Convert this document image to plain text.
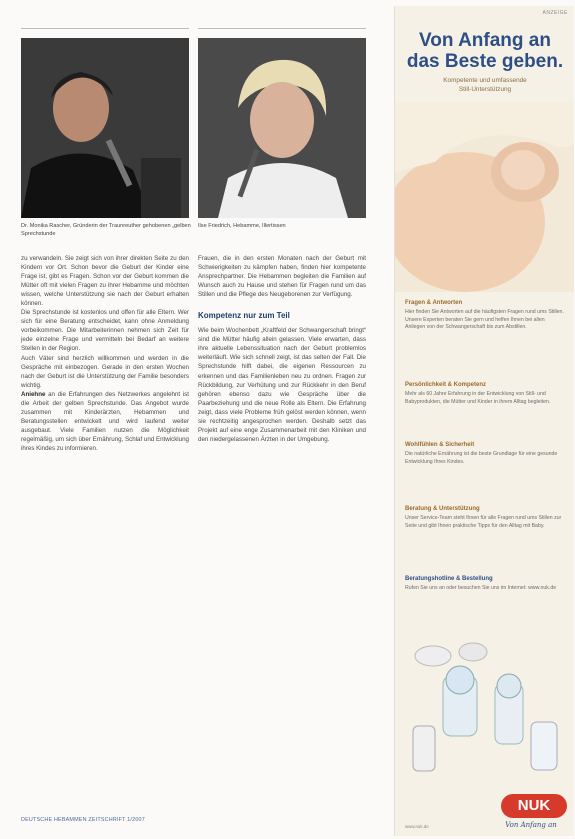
Dr. Monika Rascher, Gründerin der Traunreuther gehobenen „gelben Sprechstunde
Ilse Friedrich, Hebamme, Illertissen

zu verwandeln. Sie zeigt sich von ihrer direkten Seite zu den Kindern vor Ort. Schon bevor die Geburt der Kinder eine Frage ist, gibt es Fragen. Schon vor der Geburt kommen die Mütter oft mit vielen Fragen zu ihrer Hebamme und möchten wissen, welche Unterstützung sie nach der Geburt erhalten können.

Die Sprechstunde ist kostenlos und offen für alle Eltern. Wer sich für eine Beratung entscheidet, kann ohne Anmeldung vorbeikommen. Die Mitarbeiterinnen nehmen sich Zeit für jede einzelne Frage und vermitteln bei Bedarf an weitere Stellen in der Region.

Auch Väter sind herzlich willkommen und werden in die Gespräche mit einbezogen. Gerade in den ersten Wochen nach der Geburt ist die Unterstützung der Familie besonders wichtig.

Aniehne an die Erfahrungen des Netzwerkes angelehnt ist die Arbeit der gelben Sprechstunde. Das Angebot wurde zusammen mit Kinderärzten, Hebammen und Beratungsstellen entwickelt und wird laufend weiter ausgebaut. Viele Familien nutzen die Möglichkeit regelmäßig, um sich über Ernährung, Schlaf und Entwicklung ihres Kindes zu informieren.

Frauen, die in den ersten Monaten nach der Geburt mit Schwierigkeiten zu kämpfen haben, finden hier kompetente Ansprechpartner. Die Hebammen begleiten die Familien auf Wunsch auch zu Hause und stehen für Fragen rund um das Stillen und die Pflege des Neugeborenen zur Verfügung.

Kompetenz nur zum Teil

Wie beim Wochenbett „Kraftfeld der Schwangerschaft bringt“ sind die Mütter häufig allein gelassen. Viele erwarten, dass ihre aktuelle Lebenssituation nach der Geburt problemlos weiterläuft. Wie sich schnell zeigt, ist das selten der Fall. Die Sprechstunde hilft dabei, die eigenen Ressourcen zu erkennen und das Familienleben neu zu ordnen. Fragen zur Rückbildung, zur Verhütung und zur Rückkehr in den Beruf gehören ebenso dazu wie Gespräche über die Paarbeziehung und die neue Rolle als Eltern. Die Erfahrung zeigt, dass viele Probleme früh gelöst werden können, wenn sie rechtzeitig angesprochen werden. Deshalb setzt das Projekt auf eine enge Zusammenarbeit mit den Kliniken und den niedergelassenen Ärzten in der Umgebung.

DEUTSCHE HEBAMMEN ZEITSCHRIFT 1/2007
ANZEIGE
Von Anfang an
das Beste geben.
Kompetente und umfassende
Still-Unterstützung
Fragen & Antworten
Hier finden Sie Antworten auf die häufigsten Fragen rund ums Stillen. Unsere Experten beraten Sie gern und helfen Ihnen bei allen Anliegen von der Schwangerschaft bis zum Abstillen.
Persönlichkeit & Kompetenz
Mehr als 60 Jahre Erfahrung in der Entwicklung von Still- und Babyprodukten, die Mütter und Kinder in ihrem Alltag begleiten.
Wohlfühlen & Sicherheit
Die natürliche Ernährung ist die beste Grundlage für eine gesunde Entwicklung Ihres Kindes.
Beratung & Unterstützung
Unser Service-Team steht Ihnen für alle Fragen rund ums Stillen zur Seite und gibt Ihnen praktische Tipps für den Alltag mit Baby.
Beratungshotline & Bestellung
Rufen Sie uns an oder besuchen Sie uns im Internet: www.nuk.de
NUK
Von Anfang an
www.nuk.de
